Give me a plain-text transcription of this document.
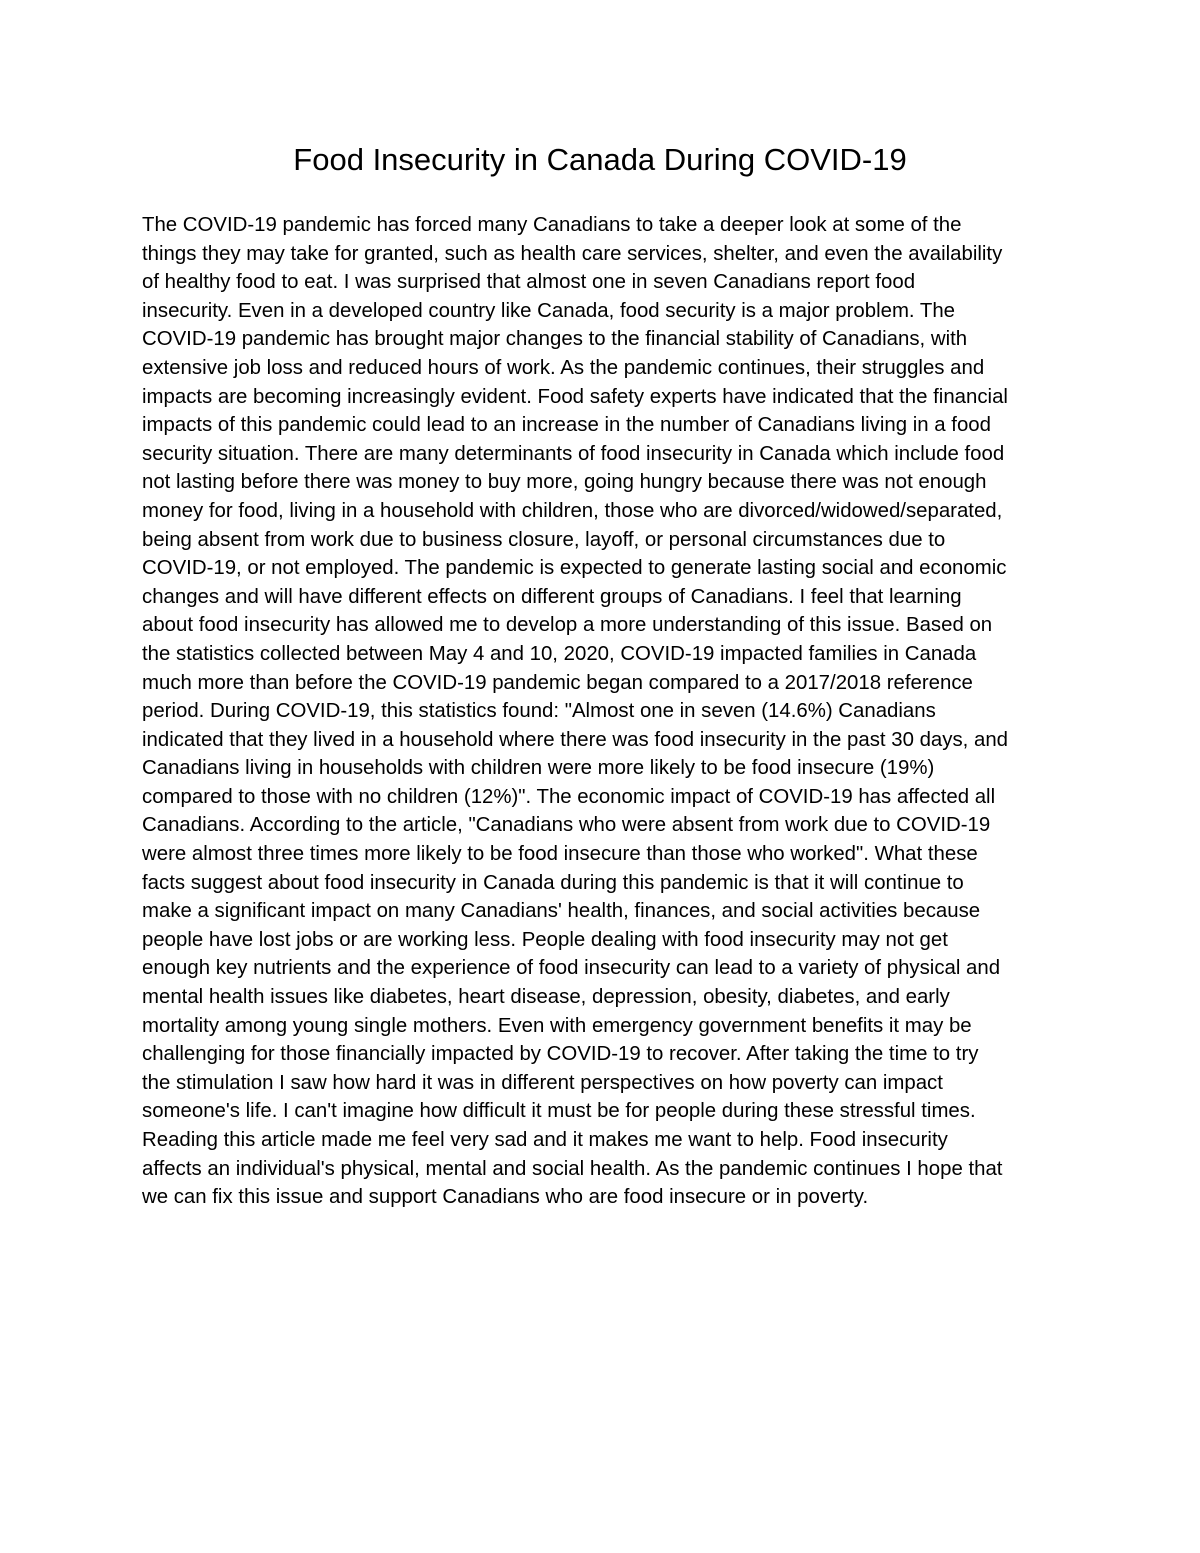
Food Insecurity in Canada During COVID-19
The COVID-19 pandemic has forced many Canadians to take a deeper look at some of the
things they may take for granted, such as health care services, shelter, and even the availability
of healthy food to eat. I was surprised that almost one in seven Canadians report food
insecurity. Even in a developed country like Canada, food security is a major problem. The
COVID-19 pandemic has brought major changes to the financial stability of Canadians, with
extensive job loss and reduced hours of work. As the pandemic continues, their struggles and
impacts are becoming increasingly evident. Food safety experts have indicated that the financial
impacts of this pandemic could lead to an increase in the number of Canadians living in a food
security situation. There are many determinants of food insecurity in Canada which include food
not lasting before there was money to buy more, going hungry because there was not enough
money for food, living in a household with children, those who are divorced/widowed/separated,
being absent from work due to business closure, layoff, or personal circumstances due to
COVID-19, or not employed. The pandemic is expected to generate lasting social and economic
changes and will have different effects on different groups of Canadians. I feel that learning
about food insecurity has allowed me to develop a more understanding of this issue. Based on
the statistics collected between May 4 and 10, 2020, COVID-19 impacted families in Canada
much more than before the COVID-19 pandemic began compared to a 2017/2018 reference
period. During COVID-19, this statistics found: "Almost one in seven (14.6%) Canadians
indicated that they lived in a household where there was food insecurity in the past 30 days, and
Canadians living in households with children were more likely to be food insecure (19%)
compared to those with no children (12%)". The economic impact of COVID-19 has affected all
Canadians. According to the article, "Canadians who were absent from work due to COVID-19
were almost three times more likely to be food insecure than those who worked". What these
facts suggest about food insecurity in Canada during this pandemic is that it will continue to
make a significant impact on many Canadians' health, finances, and social activities because
people have lost jobs or are working less. People dealing with food insecurity may not get
enough key nutrients and the experience of food insecurity can lead to a variety of physical and
mental health issues like diabetes, heart disease, depression, obesity, diabetes, and early
mortality among young single mothers. Even with emergency government benefits it may be
challenging for those financially impacted by COVID-19 to recover. After taking the time to try
the stimulation I saw how hard it was in different perspectives on how poverty can impact
someone's life. I can't imagine how difficult it must be for people during these stressful times.
Reading this article made me feel very sad and it makes me want to help. Food insecurity
affects an individual's physical, mental and social health. As the pandemic continues I hope that
we can fix this issue and support Canadians who are food insecure or in poverty.
